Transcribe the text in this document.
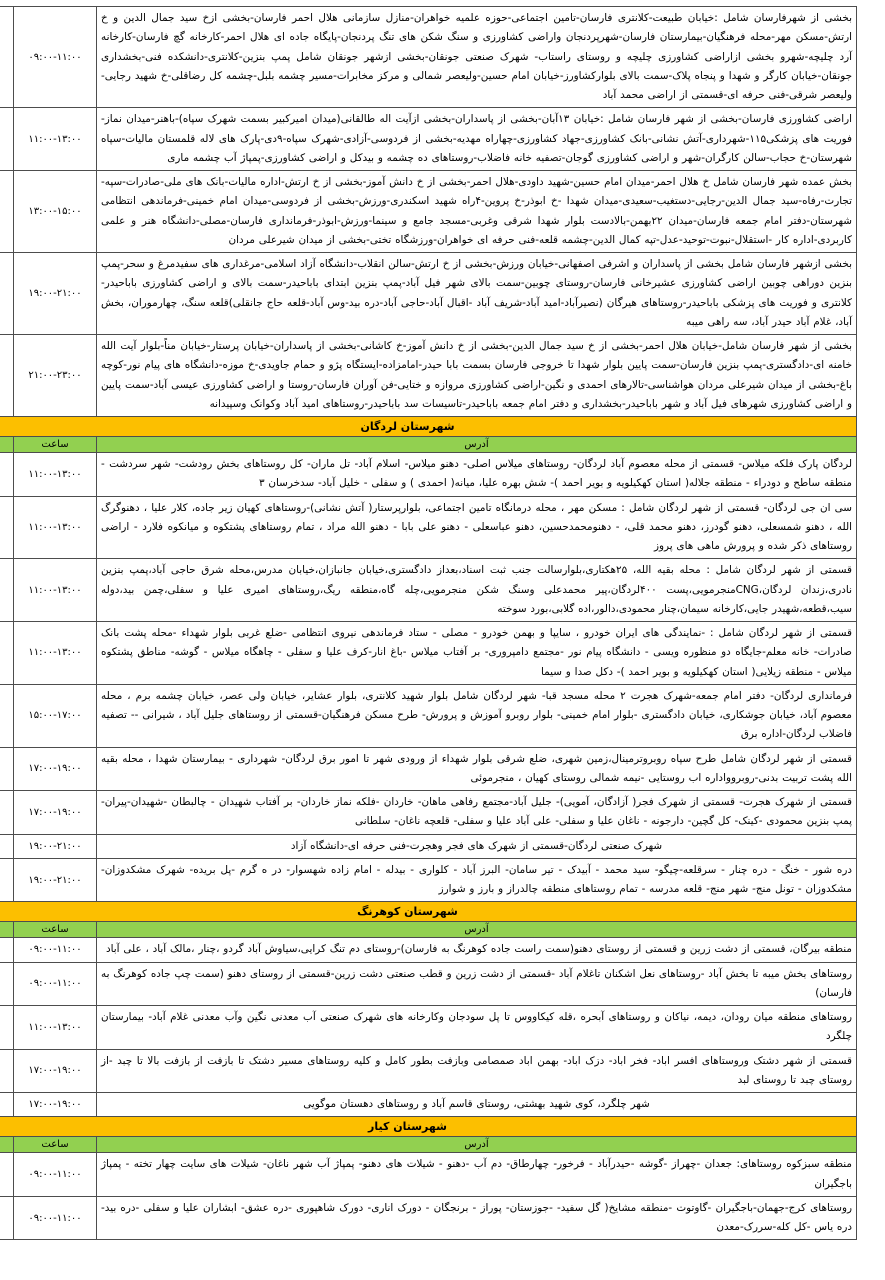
بخشی از شهرفارسان شامل :خیابان طبیعت-کلانتری فارسان-تامین اجتماعی-حوزه علمیه خواهران-منازل سازمانی هلال احمر فارسان-بخشی ازخ سید جمال الدین و خ ارتش-مسکن مهر-محله فرهنگیان-بیمارستان فارسان-شهرپردنجان واراضی کشاورزی و سنگ شکن های تنگ پردنجان-پایگاه جاده ای هلال احمر-کارخانه گچ فارسان-کارخانه آرد چلیچه-شهرو بخشی ازاراضی کشاورزی چلیچه و روستای راستاب- شهرک صنعتی جونقان-بخشی ازشهر جونقان شامل پمپ بنزین-کلانتری-دانشکده فنی-بخشداری جونقان-خیابان کارگر و شهدا و پنجاه پلاک-سمت بالای بلوارکشاورز-خیابان امام حسین-ولیعصر شمالی و مرکز مخابرات-مسیر چشمه بلبل-چشمه کل رضاقلی-خ شهید رجایی-ولیعصر شرقی-فنی حرفه ای-قسمتی از اراضی محمد آباد	۰۹:۰۰-۱۱:۰۰	
اراضی کشاورزی فارسان-بخشی از شهر فارسان شامل :خیابان ۱۳آبان-بخشی از پاسداران-بخشی ازآیت اله طالقانی(میدان امیرکبیر بسمت شهرک سپاه)-باهنر-میدان نماز-فوریت های پزشکی۱۱۵-شهرداری-آتش نشانی-بانک کشاورزی-جهاد کشاورزی-چهاراه مهدیه-بخشی از فردوسی-آزادی-شهرک سپاه-۹دی-پارک های لاله قلمستان مالیات-سپاه شهرستان-خ حجاب-سالن کارگران-شهر و اراضی کشاورزی گوجان-تصفیه خانه فاضلاب-روستاهای ده چشمه و بیدکل و اراضی کشاورزی-پمپاژ آب چشمه ماری	۱۱:۰۰-۱۳:۰۰	
بخش عمده شهر فارسان شامل خ هلال احمر-میدان امام حسین-شهید داودی-هلال احمر-بخشی از خ دانش آموز-بخشی از خ ارتش-اداره مالیات-بانک های ملی-صادرات-سپه-تجارت-رفاه-سید جمال الدین-رجایی-دستغیب-سعیدی-میدان شهدا -خ ابوذر-خ پروین-۴راه شهید اسکندری-ورزش-بخشی از فردوسی-میدان امام خمینی-فرماندهی انتظامی شهرستان-دفتر امام جمعه فارسان-میدان ۲۲بهمن-بالادست بلوار شهدا شرقی وغربی-مسجد جامع و سینما-ورزش-ابوذر-فرمانداری فارسان-مصلی-دانشگاه هنر و علمی کاربردی-اداره کار -استقلال-نبوت-توحید-عدل-تپه کمال الدین-چشمه قلعه-فنی حرفه ای خواهران-ورزشگاه تختی-بخشی از میدان شیرعلی مردان	۱۳:۰۰-۱۵:۰۰	
بخشی ازشهر فارسان شامل بخشی از پاسداران و اشرفی اصفهانی-خیابان ورزش-بخشی از خ ارتش-سالن انقلاب-دانشگاه آزاد اسلامی-مرغداری های سفیدمرغ و سحر-پمپ بنزین دوراهی چوبین اراضی کشاورزی عشیرخانی فارسان-روستای چوبین-سمت بالای شهر فیل آباد-پمپ بنزین ابتدای باباحیدر-سمت بالای و اراضی کشاورزی باباحیدر-کلانتری و فوریت های پزشکی باباحیدر-روستاهای هیرگان (نصیرآباد-امید آباد-شریف آباد -اقبال آباد-حاجی آباد-دره بید-وس آباد-قلعه حاج جانقلی)قلعه سنگ، چهارموران، بخش آباد، غلام آباد حیدر آباد، سه راهی میبه	۱۹:۰۰-۲۱:۰۰	
بخشی از شهر فارسان شامل-خیابان هلال احمر-بخشی از خ سید جمال الدین-بخشی از خ دانش آموز-خ کاشانی-بخشی از پاسداران-خیابان پرستار-خیابان مناً-بلوار آیت الله خامنه ای-دادگستری-پمپ بنزین فارسان-سمت پایین بلوار شهدا تا خروجی فارسان بسمت بابا حیدر-امامزاده-ایستگاه پژو و حمام جاویدی-خ موزه-دانشگاه های پیام نور-کوچه باغ-بخشی از میدان شیرعلی مردان هواشناسی-تالارهای احمدی و نگین-اراضی کشاورزی مروازه و ختایی-فن آوران فارسان-روستا و اراضی کشاورزی عیسی آباد-سمت پایین و اراضی کشاورزی شهرهای فیل آباد و شهر باباحیدر-بخشداری و دفتر امام جمعه باباحیدر-تاسیسات سد باباحیدر-روستاهای امید آباد وکوانک وسپیدانه	۲۱:۰۰-۲۳:۰۰	
شهرستان لردگان		
آدرس	ساعت	
لردگان پارک فلکه میلاس- قسمتی از محله معصوم آباد لردگان- روستاهای میلاس اصلی- دهنو میلاس- اسلام آباد- تل ماران- کل روستاهای بخش رودشت- شهر سردشت - منطقه ساطح و دودراء - منطقه جلاله( استان کهکیلویه و بویر احمد )- شش بهره علیا، میانه( احمدی ) و سفلی - خلیل آباد- سدخرسان ۳	۱۱:۰۰-۱۳:۰۰	
سی ان جی لردگان- قسمتی از شهر لردگان شامل : مسکن مهر ، محله درمانگاه تامین اجتماعی، بلوارپرستار( آتش نشانی)-روستاهای کهیان زیر جاده، کلار علیا ، دهنوگرگ الله ، دهنو شمسعلی، دهنو گودرز، دهنو محمد قلی، - دهنومحمدحسین، دهنو عباسعلی - دهنو علی بابا - دهنو الله مراد ، تمام روستاهای پشتکوه و میانکوه فلارد - اراضی روستاهای ذکر شده و پرورش ماهی های پروز	۱۱:۰۰-۱۳:۰۰	
قسمتی از شهر لردگان شامل : محله بقیه الله، ۲۵هکتاری،بلوارسالت جنب ثبت اسناد،بعداز دادگستری،خیابان جانبازان،خیابان مدرس،محله شرق حاجی آباد،پمپ بنزین نادری،زندان لردگان،CNGمنجرمویی،پست ۴۰۰لردگان،پیر محمدعلی وسنگ شکن منجرمویی،چله گاه،منطقه ریگ،روستاهای امیری علیا و سفلی،چمن بید،دوله سیب،قطعه،شهیدر جایی،کارخانه سیمان،چنار محمودی،دالور،اده گلابی،بورد سوخته	۱۱:۰۰-۱۳:۰۰	
قسمتی از شهر لردگان شامل : -نمایندگی های ایران خودرو ، سایپا و بهمن خودرو - مصلی - ستاد فرماندهی نیروی انتظامی -ضلع غربی بلوار شهداء -محله پشت بانک صادرات- خانه معلم-جایگاه دو منظوره ویسی - دانشگاه پیام نور -مجتمع دامپروری- بر آفتاب میلاس -باغ انار-کرف علیا و سفلی - چاهگاه میلاس - گوشه- مناطق پشتکوه میلاس - منطقه زیلایی( استان کهکیلویه و بویر احمد )- دکل صدا و سیما	۱۱:۰۰-۱۳:۰۰	
فرمانداری لردگان- دفتر امام جمعه-شهرک هجرت ۲ محله مسجد قبا- شهر لردگان شامل بلوار شهید کلانتری، بلوار عشایر، خیابان ولی عصر، خیابان چشمه برم ، محله معصوم آباد، خیابان جوشکاری، خیابان دادگستری -بلوار امام خمینی- بلوار روبرو آموزش و پرورش- طرح مسکن فرهنگیان-قسمتی از روستاهای جلیل آباد ، شیرانی -- تصفیه فاضلاب لردگان-اداره برق	۱۵:۰۰-۱۷:۰۰	
قسمتی از شهر لردگان شامل طرح سپاه روبروترمینال،زمین شهری، ضلع شرقی بلوار شهداء از ورودی شهر تا امور برق لردگان- شهرداری - بیمارستان شهدا ، محله بقیه الله پشت تربیت بدنی-روبروواداره اب روستایی -نیمه شمالی روستای کهیان ، منجرموئی	۱۷:۰۰-۱۹:۰۰	
قسمتی از شهرک هجرت- قسمتی از شهرک فجر( آزادگان، آمویی)- جلیل آباد-مجتمع رفاهی ماهان- خاردان -فلکه نماز خاردان- بر آفتاب شهیدان - چالبطان -شهیدان-پیران- پمپ بنزین محمودی -کینک- کل گچین- دارجونه - ناغان علیا و سفلی- علی آباد علیا و سفلی- قلعچه ناغان- سلطانی	۱۷:۰۰-۱۹:۰۰	
شهرک صنعتی لردگان-قسمتی از شهرک های فجر وهجرت-فنی حرفه ای-دانشگاه آزاد	۱۹:۰۰-۲۱:۰۰	
دره شور - خنگ - دره چنار - سرقلعه-چیگو- سید محمد - آبیدک - تیر سامان- البرز آباد - کلواری - بیدله - امام زاده شهسوار- در ه گرم -پل بریده- شهرک مشکدوزان- مشکدوزان - تونل منج- شهر منج- قلعه مدرسه - تمام روستاهای منطقه چالدراز و بارز و شوارز	۱۹:۰۰-۲۱:۰۰	
شهرستان کوهرنگ		
آدرس	ساعت	
منطقه بیرگان، قسمتی از دشت زرین و قسمتی از روستای دهنو(سمت راست جاده کوهرنگ به فارسان)-روستای دم تنگ کرایی،سیاوش آباد گردو ،چنار ،مالک آباد ، علی آباد	۰۹:۰۰-۱۱:۰۰	
روستاهای بخش میبه تا بخش آباد -روستاهای نعل اشکنان تاغلام آباد -قسمتی از دشت زرین و قطب صنعتی دشت زرین-قسمتی از روستای دهنو (سمت چپ جاده کوهرنگ به فارسان)	۰۹:۰۰-۱۱:۰۰	
روستاهای منطقه میان رودان، دیمه، نیاکان و روستاهای آبحره ،قله کیکاووس تا پل سودجان وکارخانه های شهرک صنعتی آب معدنی نگین وآب معدنی غلام آباد- بیمارستان چلگرد	۱۱:۰۰-۱۳:۰۰	
قسمتی از شهر دشتک وروستاهای افسر اباد- فخر اباد- دزک اباد- بهمن اباد صمصامی وبازفت بطور کامل و کلیه روستاهای مسیر دشتک تا بازفت از بازفت بالا تا چبد -از روستای چبد تا روستای لبد	۱۷:۰۰-۱۹:۰۰	
شهر چلگرد، کوی شهید بهشتی، روستای قاسم آباد و روستاهای دهستان موگویی	۱۷:۰۰-۱۹:۰۰	
شهرستان کیار		
آدرس	ساعت	
منطقه سبزکوه روستاهای: جعدان -چهراز -گوشه -حیدرآباد - فرخور- چهارطاق- دم آب -دهنو - شیلات های دهنو- پمپاژ آب شهر ناغان- شیلات های سایت چهار تخته - پمپاژ باجگیران	۰۹:۰۰-۱۱:۰۰	
روستاهای کرج-جهمان-باجگیران -گاوتوت -منطقه مشایخ( گل سفید- -جوزستان- پوراز - برنجگان - دورک اناری- دورک شاهپوری -دره عشق- ابشاران علیا و سفلی -دره بید-دره یاس -کل کله-سررک-معدن	۰۹:۰۰-۱۱:۰۰	
